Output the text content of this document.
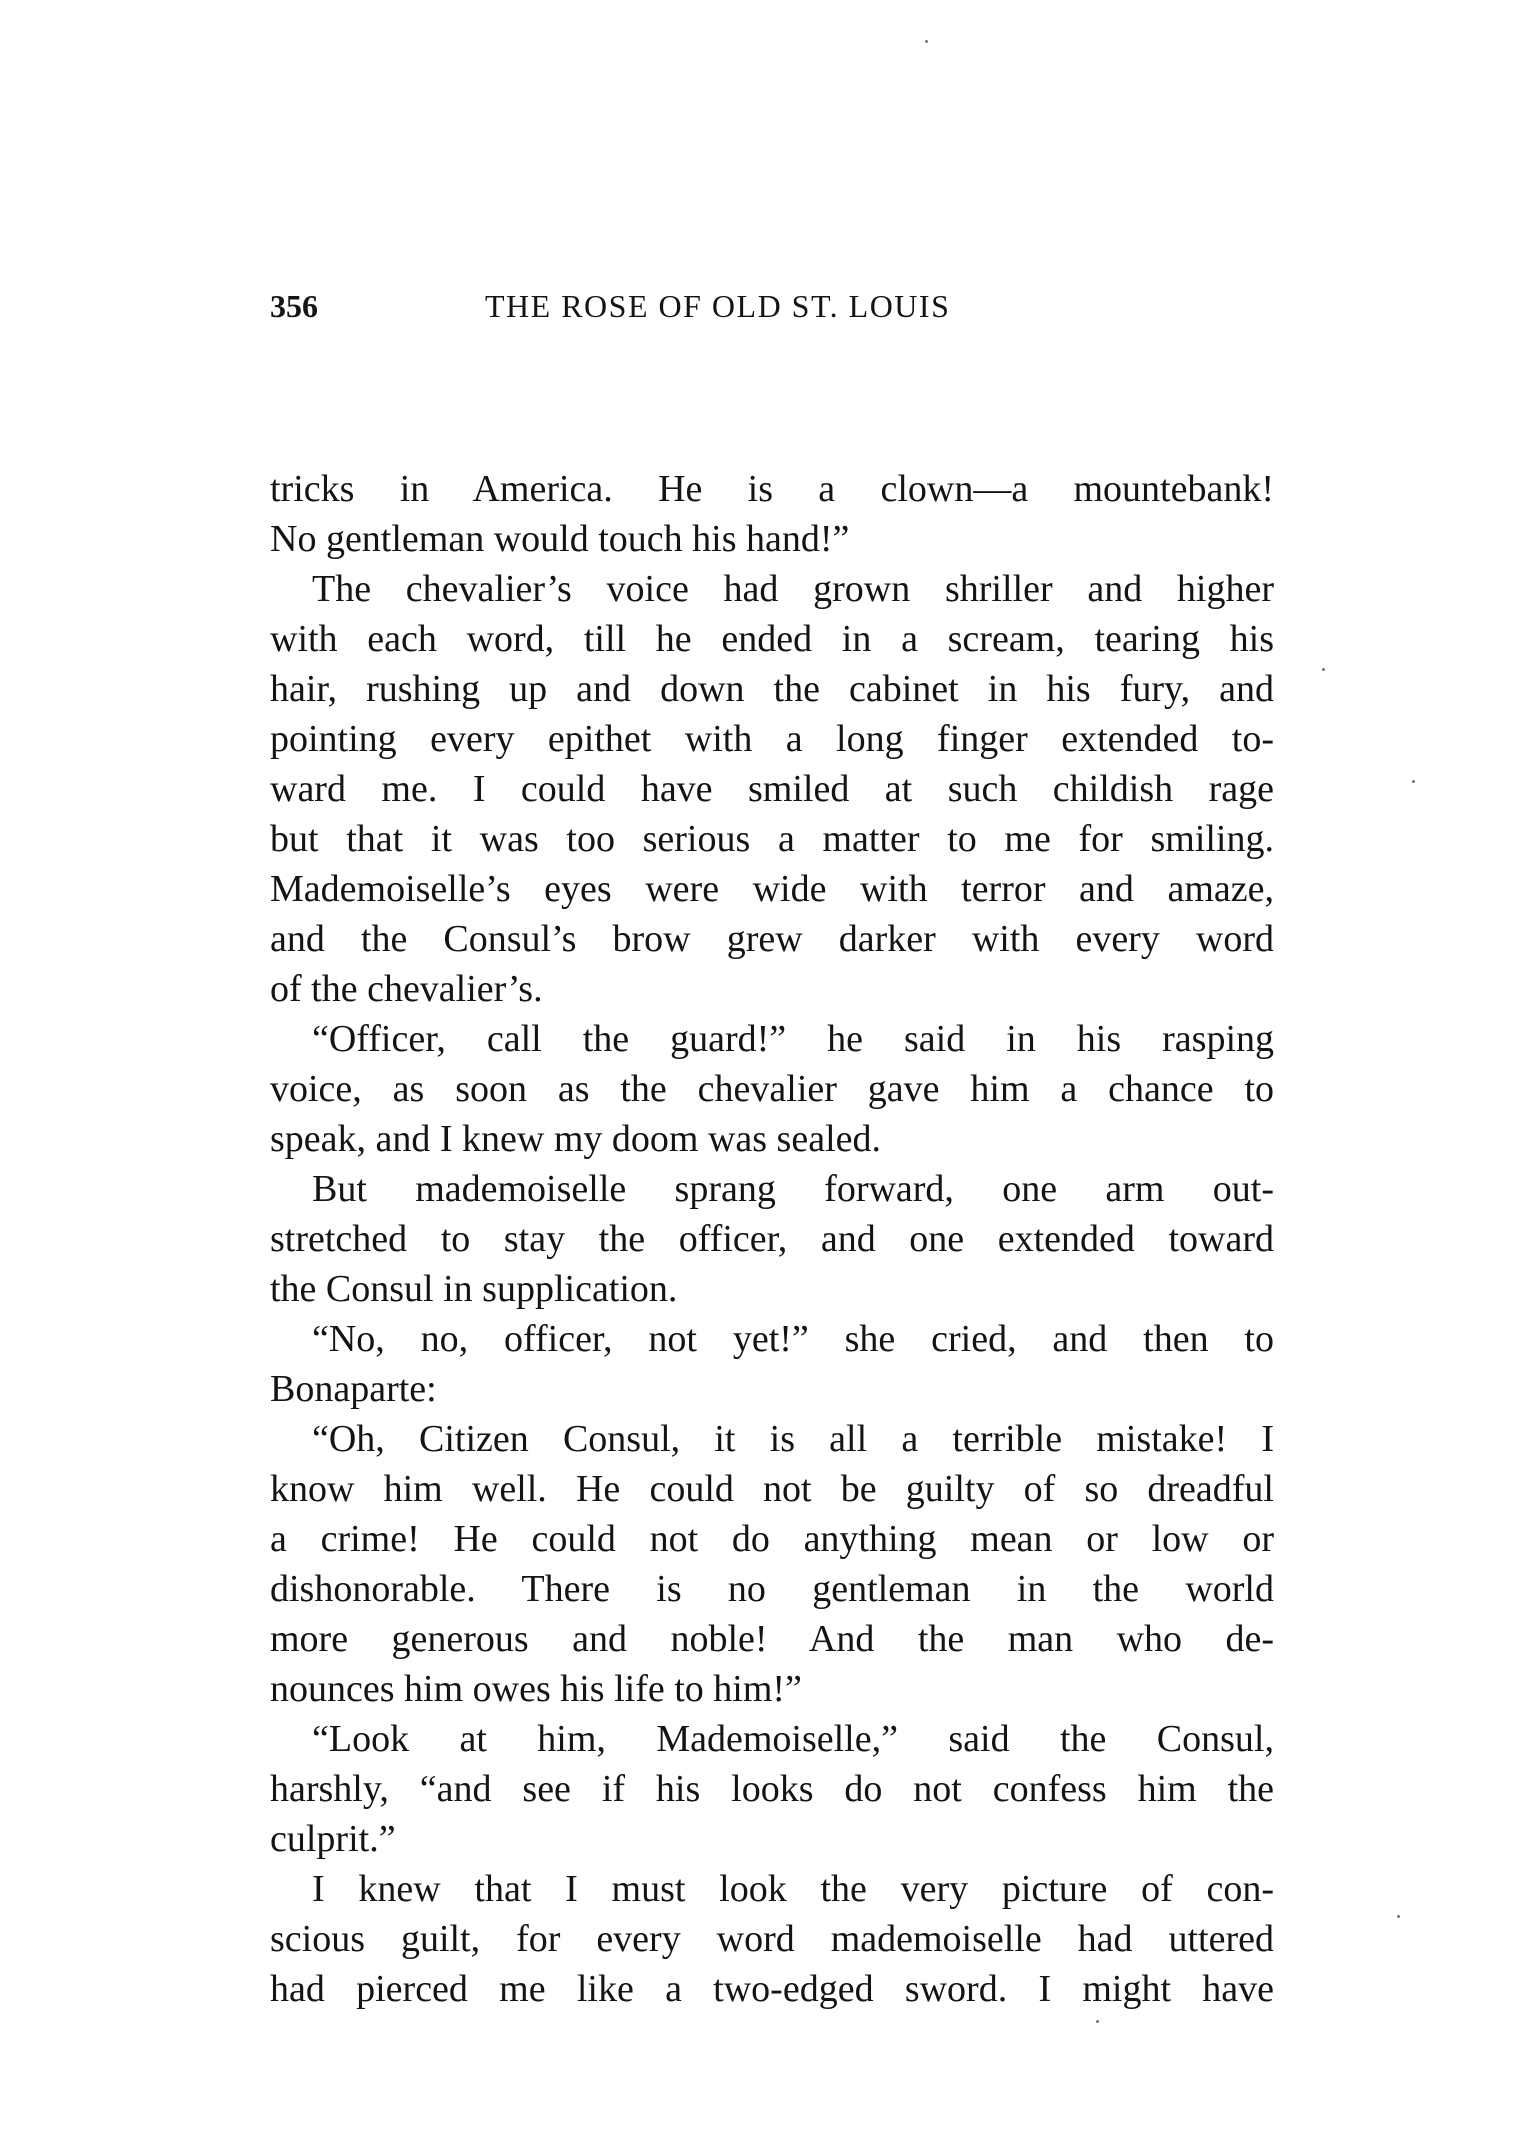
356	THE ROSE OF OLD ST. LOUIS
tricks in America. He is a clown—a mountebank!
No gentleman would touch his hand!”
The chevalier’s voice had grown shriller and higher
with each word, till he ended in a scream, tearing his
hair, rushing up and down the cabinet in his fury, and
pointing every epithet with a long finger extended to-
ward me. I could have smiled at such childish rage
but that it was too serious a matter to me for smiling.
Mademoiselle’s eyes were wide with terror and amaze,
and the Consul’s brow grew darker with every word
of the chevalier’s.
“Officer, call the guard!” he said in his rasping
voice, as soon as the chevalier gave him a chance to
speak, and I knew my doom was sealed.
But mademoiselle sprang forward, one arm out-
stretched to stay the officer, and one extended toward
the Consul in supplication.
“No, no, officer, not yet!” she cried, and then to
Bonaparte:
“Oh, Citizen Consul, it is all a terrible mistake! I
know him well. He could not be guilty of so dreadful
a crime! He could not do anything mean or low or
dishonorable. There is no gentleman in the world
more generous and noble! And the man who de-
nounces him owes his life to him!”
“Look at him, Mademoiselle,” said the Consul,
harshly, “and see if his looks do not confess him the
culprit.”
I knew that I must look the very picture of con-
scious guilt, for every word mademoiselle had uttered
had pierced me like a two-edged sword. I might have
